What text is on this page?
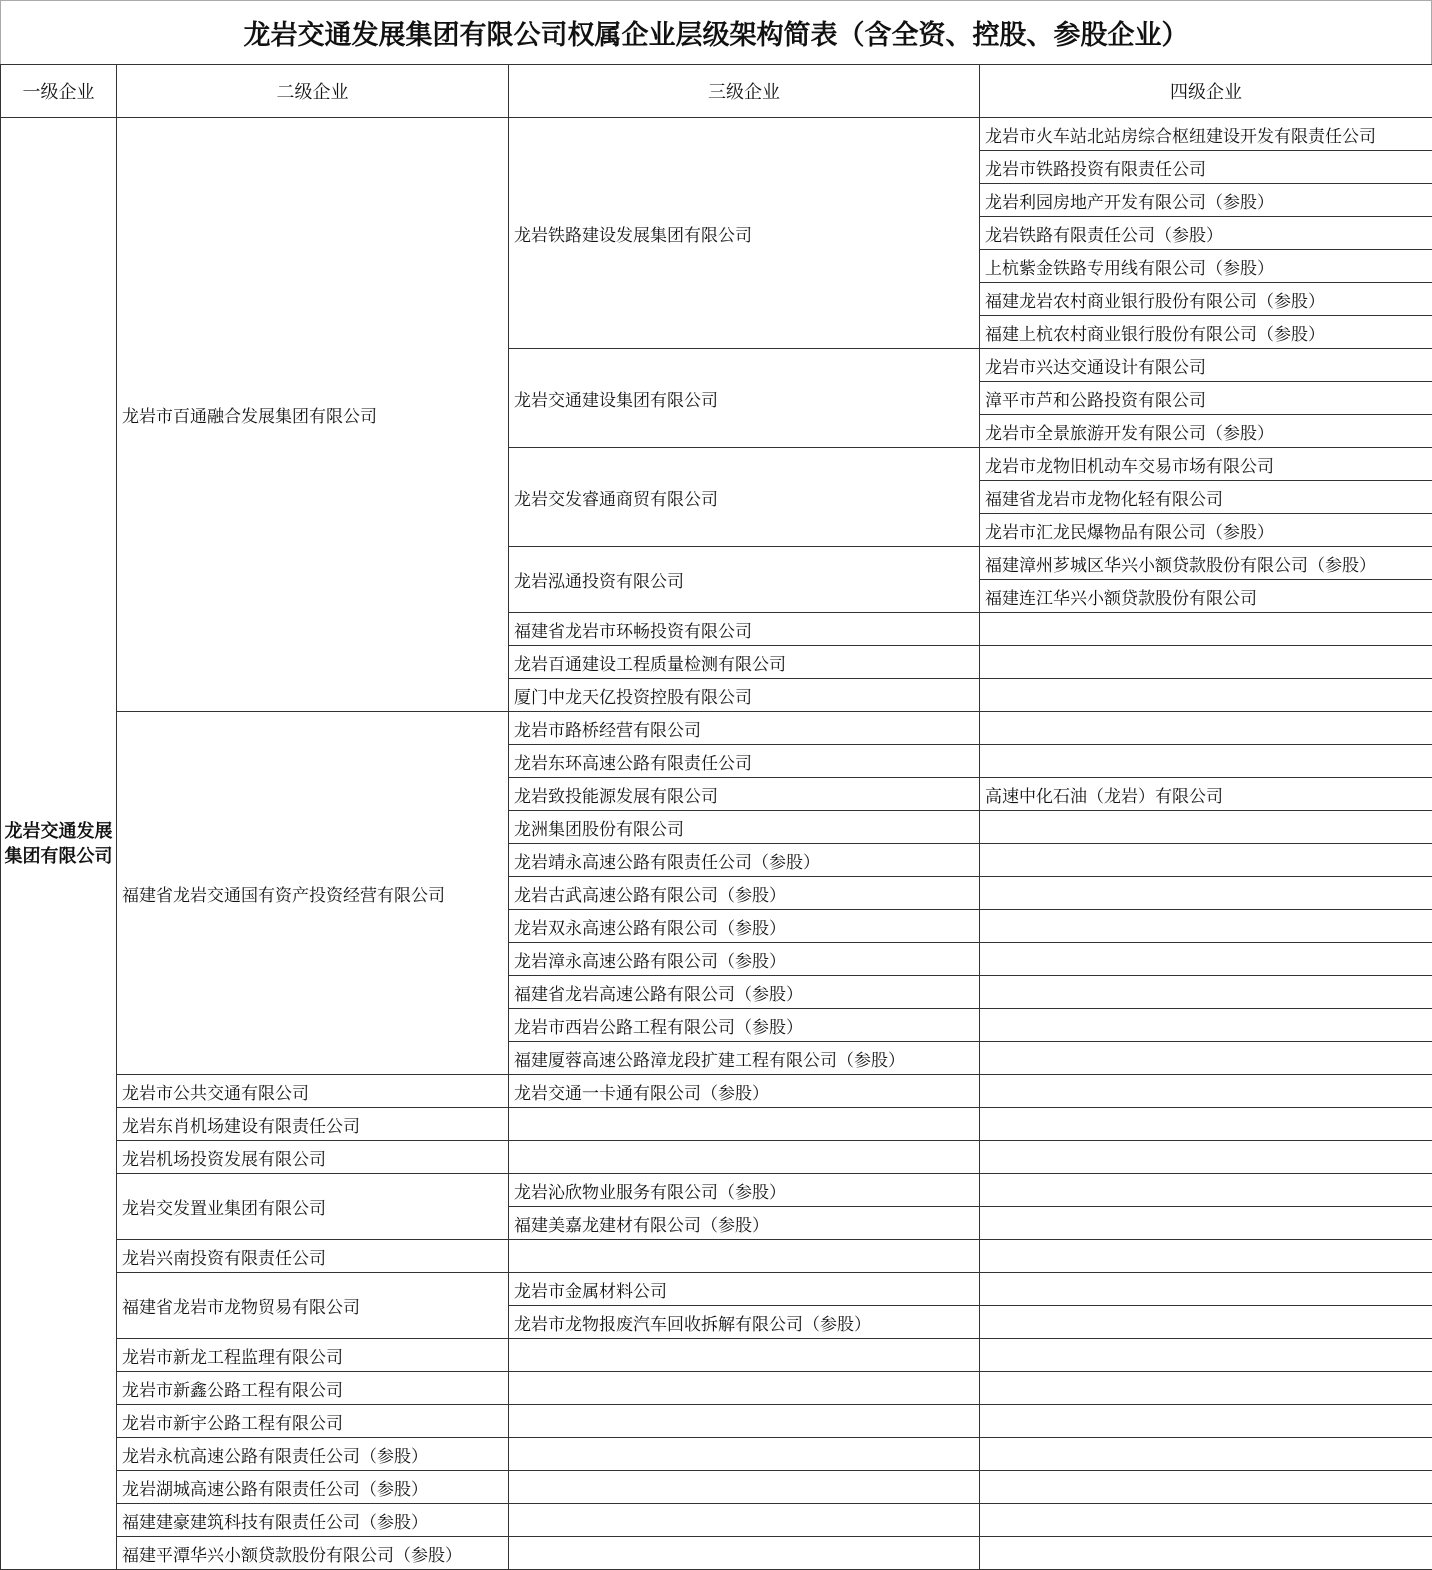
龙岩交通发展集团有限公司权属企业层级架构简表（含全资、控股、参股企业）
一级企业	二级企业	三级企业	四级企业
龙岩交通发展集团有限公司	龙岩市百通融合发展集团有限公司	龙岩铁路建设发展集团有限公司	龙岩市火车站北站房综合枢纽建设开发有限责任公司
			龙岩市铁路投资有限责任公司
			龙岩利园房地产开发有限公司（参股）
			龙岩铁路有限责任公司（参股）
			上杭紫金铁路专用线有限公司（参股）
			福建龙岩农村商业银行股份有限公司（参股）
			福建上杭农村商业银行股份有限公司（参股）
		龙岩交通建设集团有限公司	龙岩市兴达交通设计有限公司
			漳平市芦和公路投资有限公司
			龙岩市全景旅游开发有限公司（参股）
		龙岩交发睿通商贸有限公司	龙岩市龙物旧机动车交易市场有限公司
			福建省龙岩市龙物化轻有限公司
			龙岩市汇龙民爆物品有限公司（参股）
		龙岩泓通投资有限公司	福建漳州芗城区华兴小额贷款股份有限公司（参股）
			福建连江华兴小额贷款股份有限公司
		福建省龙岩市环畅投资有限公司	
		龙岩百通建设工程质量检测有限公司	
		厦门中龙天亿投资控股有限公司	
	福建省龙岩交通国有资产投资经营有限公司	龙岩市路桥经营有限公司	
		龙岩东环高速公路有限责任公司	
		龙岩致投能源发展有限公司	高速中化石油（龙岩）有限公司
		龙洲集团股份有限公司	
		龙岩靖永高速公路有限责任公司（参股）	
		龙岩古武高速公路有限公司（参股）	
		龙岩双永高速公路有限公司（参股）	
		龙岩漳永高速公路有限公司（参股）	
		福建省龙岩高速公路有限公司（参股）	
		龙岩市西岩公路工程有限公司（参股）	
		福建厦蓉高速公路漳龙段扩建工程有限公司（参股）	
	龙岩市公共交通有限公司	龙岩交通一卡通有限公司（参股）	
	龙岩东肖机场建设有限责任公司		
	龙岩机场投资发展有限公司		
	龙岩交发置业集团有限公司	龙岩沁欣物业服务有限公司（参股）	
		福建美嘉龙建材有限公司（参股）	
	龙岩兴南投资有限责任公司		
	福建省龙岩市龙物贸易有限公司	龙岩市金属材料公司	
		龙岩市龙物报废汽车回收拆解有限公司（参股）	
	龙岩市新龙工程监理有限公司		
	龙岩市新鑫公路工程有限公司		
	龙岩市新宇公路工程有限公司		
	龙岩永杭高速公路有限责任公司（参股）		
	龙岩湖城高速公路有限责任公司（参股）		
	福建建豪建筑科技有限责任公司（参股）		
	福建平潭华兴小额贷款股份有限公司（参股）		
